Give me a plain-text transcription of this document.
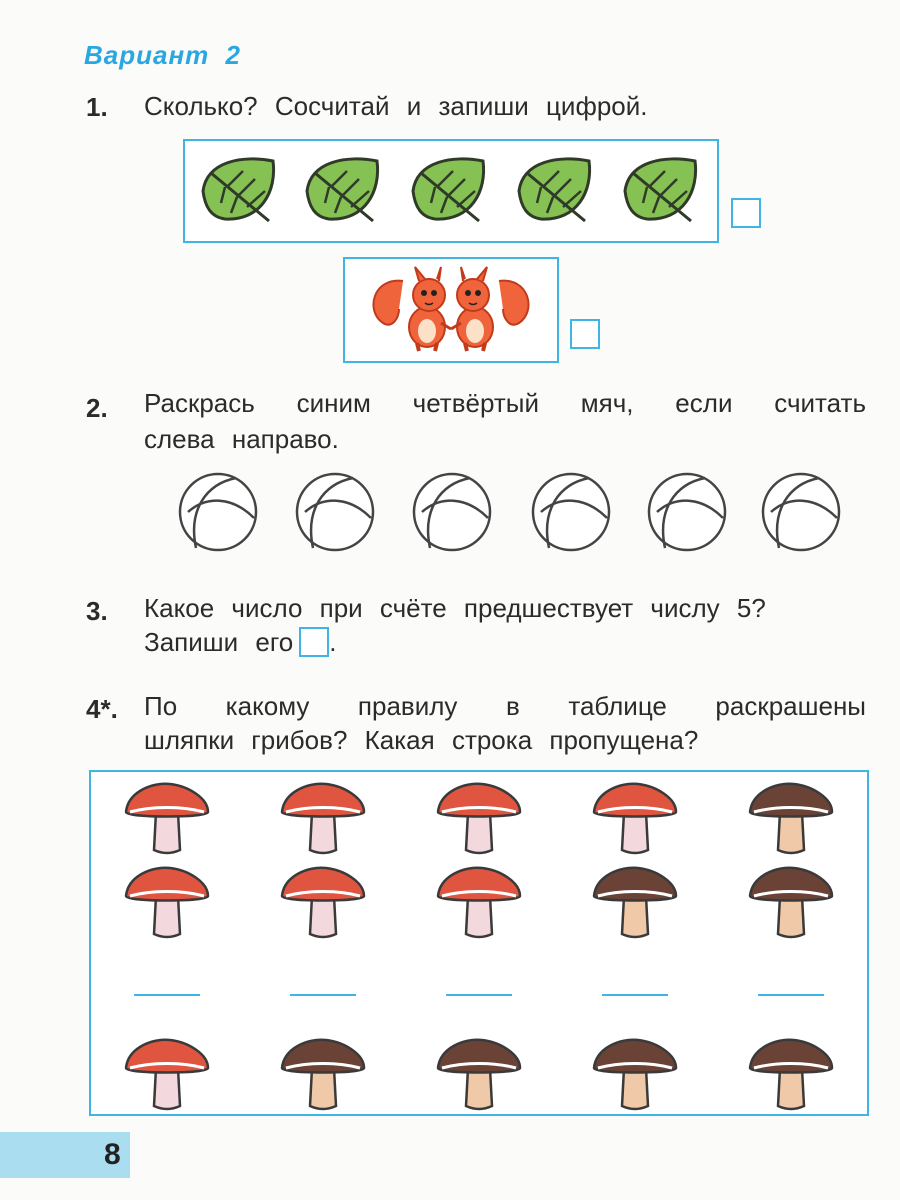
Вариант 2
1. Сколько? Сосчитай и запиши цифрой.
2. Раскрась синим четвёртый мяч, если считать
слева направо.
3. Какое число при счёте предшествует числу 5?
Запиши его .
4*. По какому правилу в таблице раскрашены
шляпки грибов? Какая строка пропущена?
8
